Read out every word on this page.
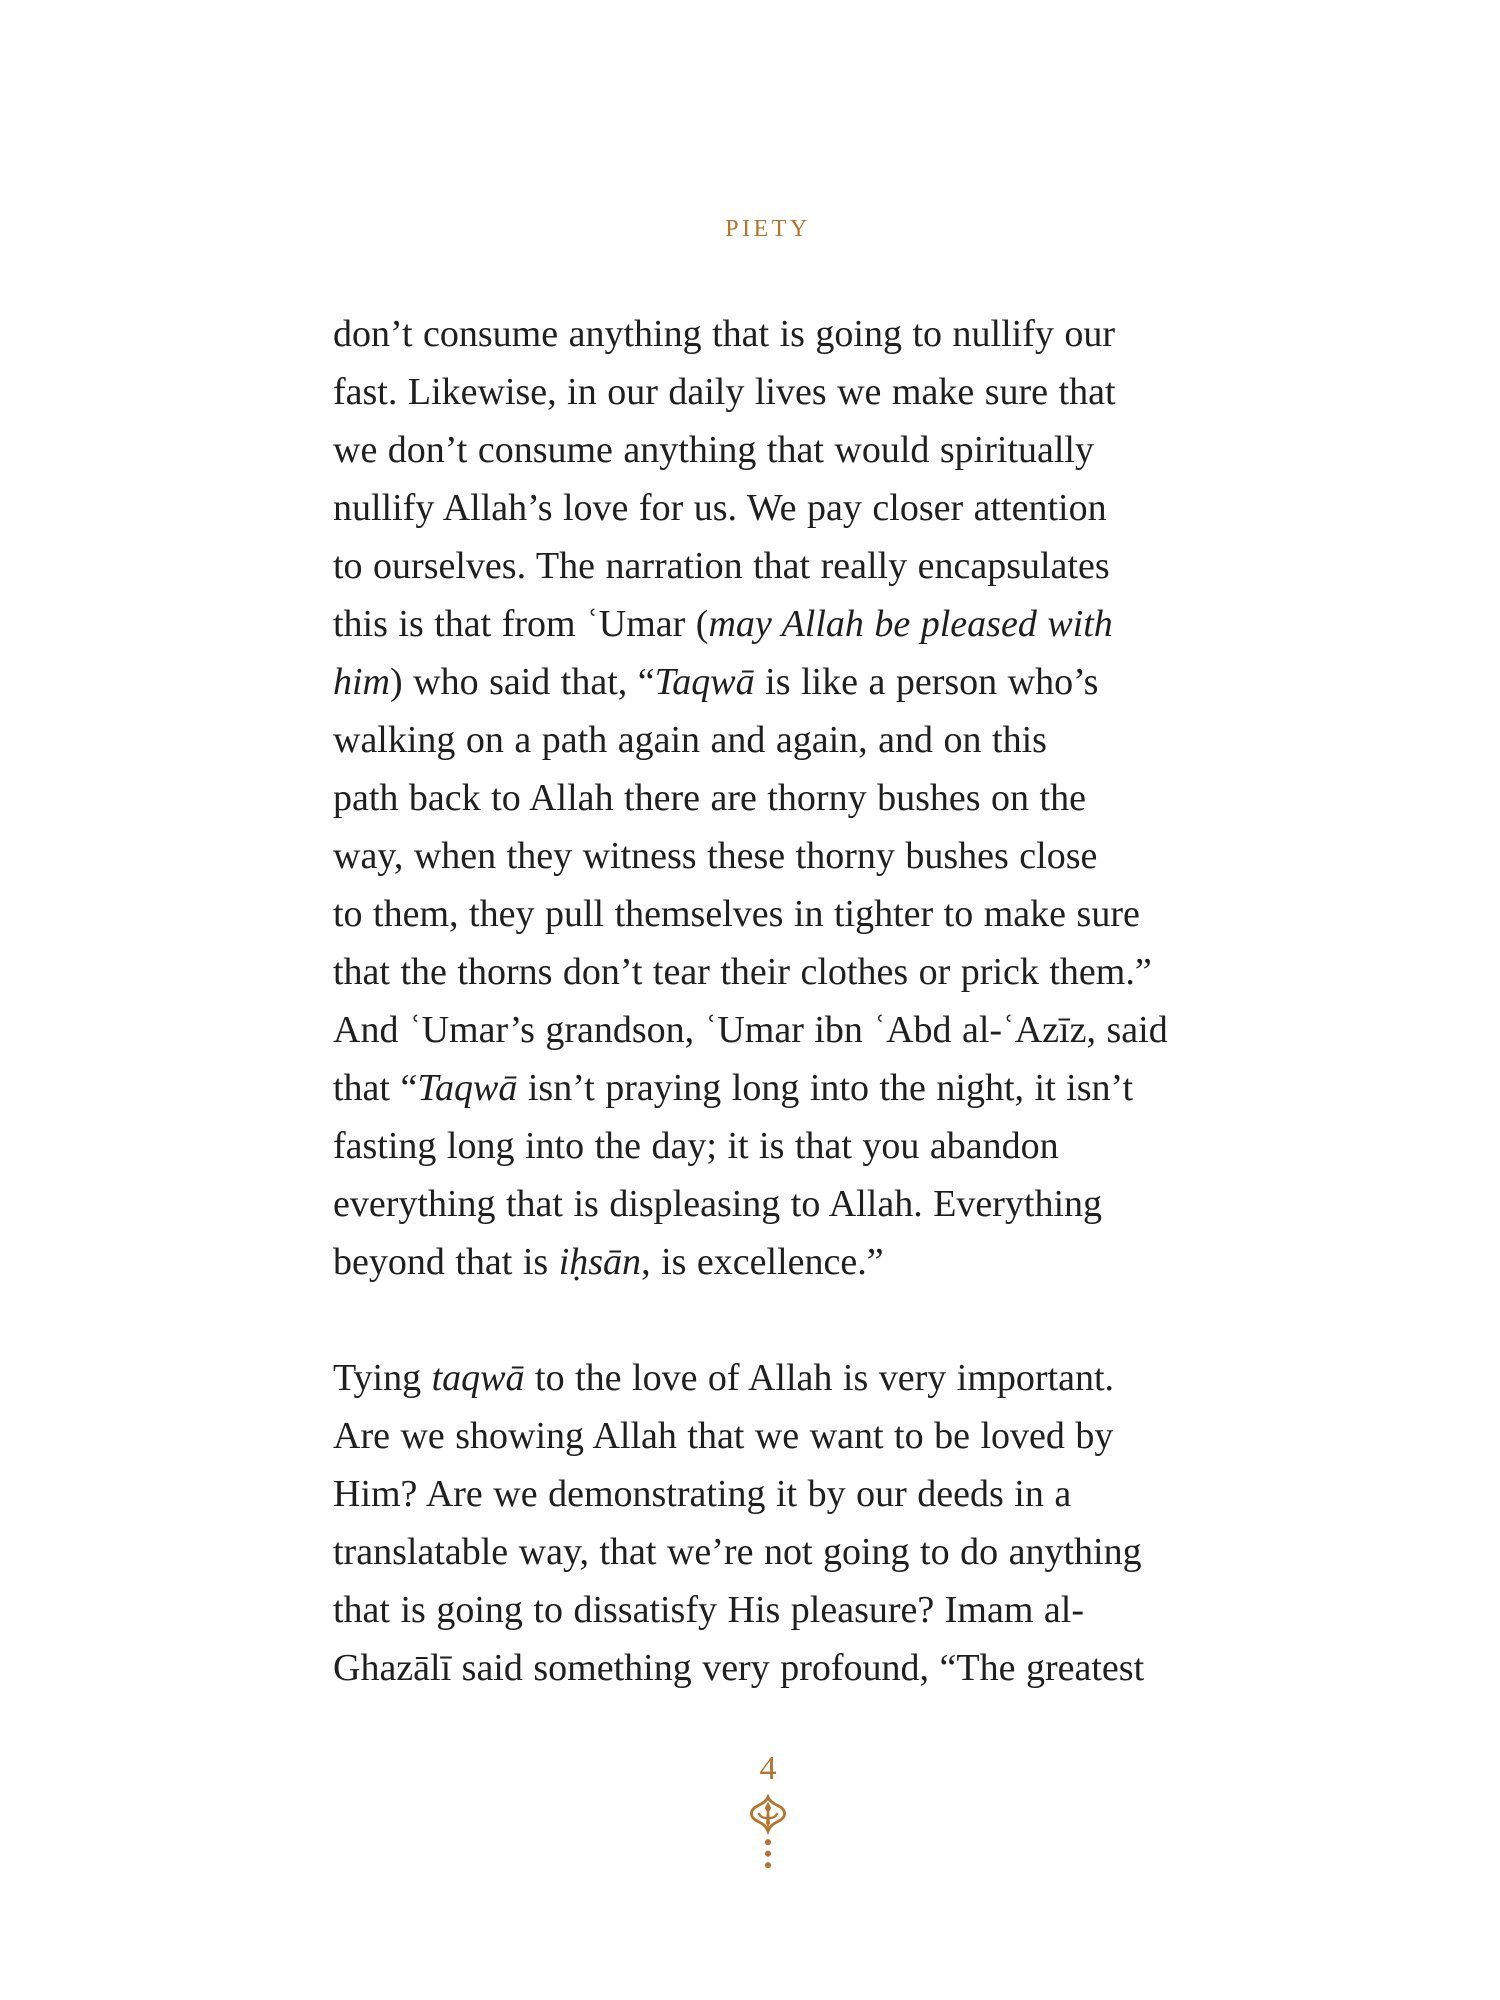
PIETY
don’t consume anything that is going to nullify our
fast. Likewise, in our daily lives we make sure that
we don’t consume anything that would spiritually
nullify Allah’s love for us. We pay closer attention
to ourselves. The narration that really encapsulates
this is that from ʿUmar (may Allah be pleased with
him) who said that, “Taqwā is like a person who’s
walking on a path again and again, and on this
path back to Allah there are thorny bushes on the
way, when they witness these thorny bushes close
to them, they pull themselves in tighter to make sure
that the thorns don’t tear their clothes or prick them.”
And ʿUmar’s grandson, ʿUmar ibn ʿAbd al-ʿAzīz, said
that “Taqwā isn’t praying long into the night, it isn’t
fasting long into the day; it is that you abandon
everything that is displeasing to Allah. Everything
beyond that is iḥsān, is excellence.”
Tying taqwā to the love of Allah is very important.
Are we showing Allah that we want to be loved by
Him? Are we demonstrating it by our deeds in a
translatable way, that we’re not going to do anything
that is going to dissatisfy His pleasure? Imam al-
Ghazālī said something very profound, “The greatest
4
